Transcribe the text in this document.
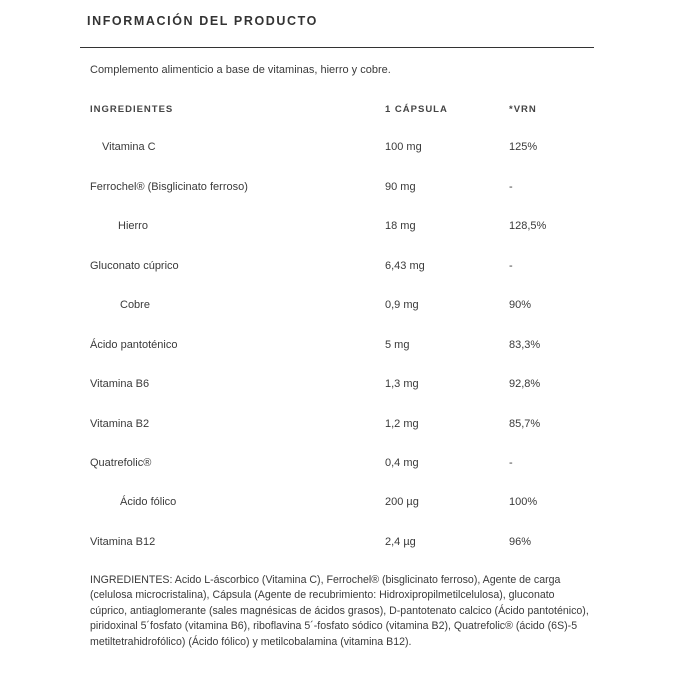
INFORMACIÓN DEL PRODUCTO
Complemento alimenticio a base de vitaminas, hierro y cobre.
INGREDIENTES	1 CÁPSULA	*VRN
Vitamina C	100 mg	125%
Ferrochel® (Bisglicinato ferroso)	90 mg	-
Hierro	18 mg	128,5%
Gluconato cúprico	6,43 mg	-
Cobre	0,9 mg	90%
Ácido pantoténico	5 mg	83,3%
Vitamina B6	1,3 mg	92,8%
Vitamina B2	1,2 mg	85,7%
Quatrefolic®	0,4 mg	-
Ácido fólico	200 µg	100%
Vitamina B12	2,4 µg	96%
INGREDIENTES: Acido L-áscorbico (Vitamina C), Ferrochel® (bisglicinato ferroso), Agente de carga (celulosa microcristalina), Cápsula (Agente de recubrimiento: Hidroxipropilmetilcelulosa), gluconato cúprico, antiaglomerante (sales magnésicas de ácidos grasos), D-pantotenato calcico (Ácido pantoténico), piridoxinal 5´fosfato (vitamina B6), riboflavina 5´-fosfato sódico (vitamina B2), Quatrefolic® (ácido (6S)-5 metiltetrahidrofólico) (Ácido fólico) y metilcobalamina (vitamina B12).
